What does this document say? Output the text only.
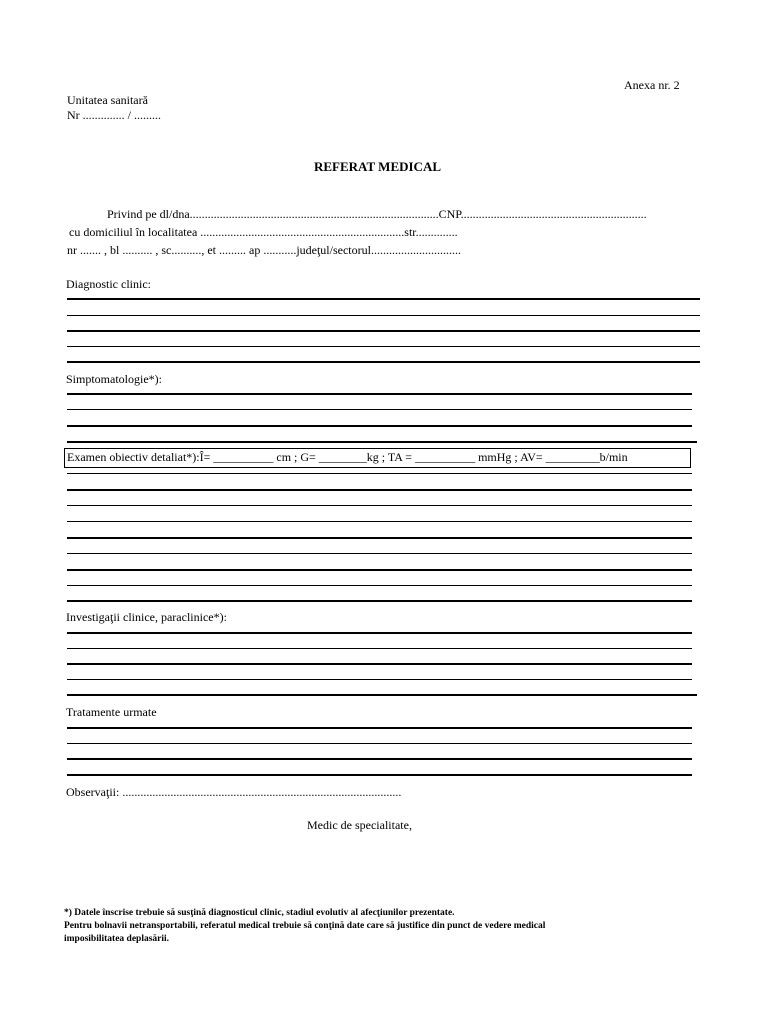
Anexa nr. 2
Unitatea sanitară
Nr .............. / .........
REFERAT MEDICAL
Privind pe dl/dna...................................................................................CNP..............................................................
cu domiciliul în localitatea ....................................................................str..............
nr ....... , bl .......... , sc.........., et ......... ap ...........judeţul/sectorul..............................
Diagnostic clinic:
Simptomatologie*):
Examen obiectiv detaliat*):Î= __________ cm ; G= ________kg ; TA = __________ mmHg ; AV= _________b/min
Investigaţii clinice, paraclinice*):
Tratamente urmate
Observaţii: .............................................................................................
Medic de specialitate,
*) Datele înscrise trebuie să susţină diagnosticul clinic, stadiul evolutiv al afecţiunilor prezentate.
Pentru bolnavii netransportabili, referatul medical trebuie să conţină date care să justifice din punct de vedere medical
imposibilitatea deplasării.
